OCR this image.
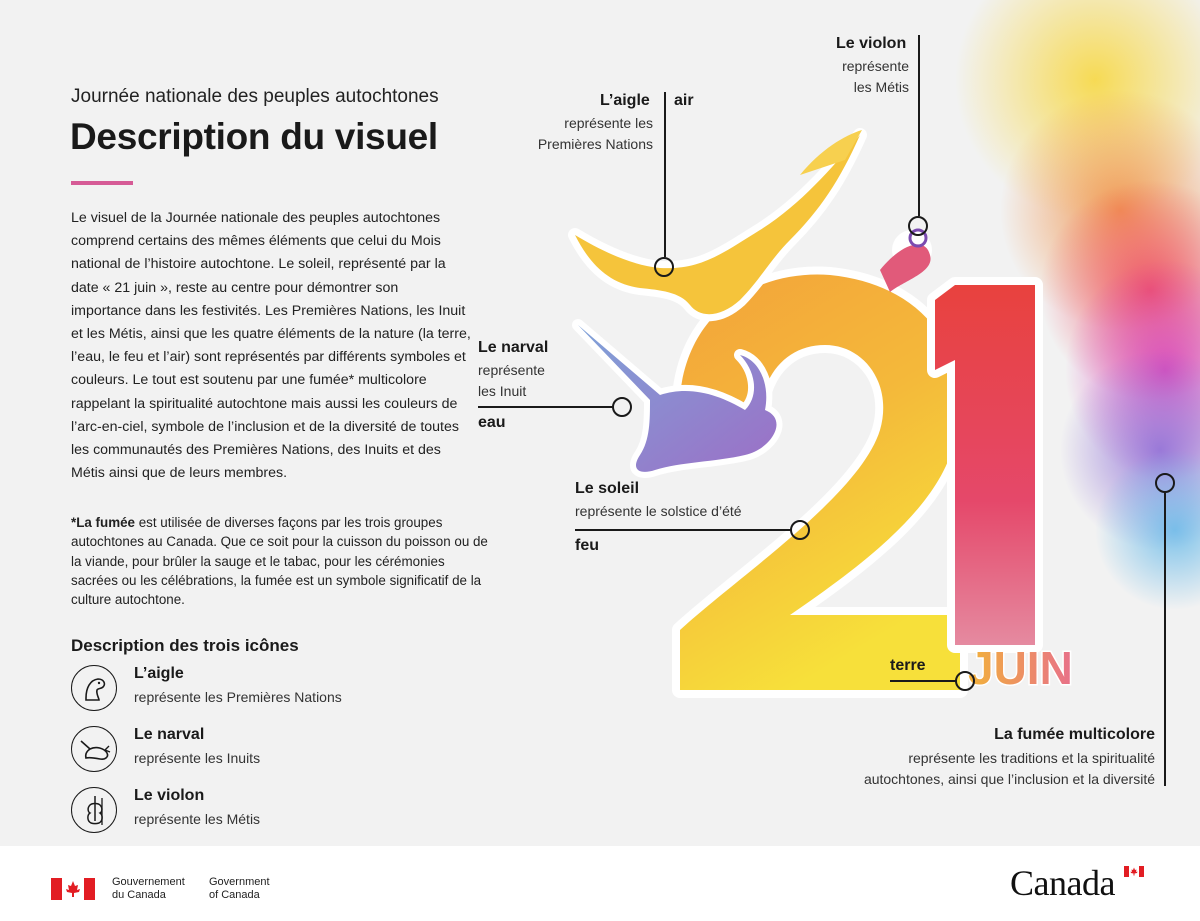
JUIN
Journée nationale des peuples autochtones
Description du visuel
Le visuel de la Journée nationale des peuples autochtones comprend certains des mêmes éléments que celui du Mois national de l’histoire autochtone. Le soleil, représenté par la date « 21 juin », reste au centre pour démontrer son importance dans les festivités. Les Premières Nations, les Inuit et les Métis, ainsi que les quatre éléments de la nature (la terre, l’eau, le feu et l’air) sont représentés par différents symboles et couleurs. Le tout est soutenu par une fumée* multicolore rappelant la spiritualité autochtone mais aussi les couleurs de l’arc-en-ciel, symbole de l’inclusion et de la diversité de toutes les communautés des Premières Nations, des Inuits et des Métis ainsi que de leurs membres.
*La fumée est utilisée de diverses façons par les trois groupes autochtones au Canada. Que ce soit pour la cuisson du poisson ou de la viande, pour brûler la sauge et le tabac, pour les cérémonies sacrées ou les célébrations, la fumée est un symbole significatif de la culture autochtone.
Description des trois icônes
L’aigle
représente les Premières Nations
Le narval
représente les Inuits
Le violon
représente les Métis
Le violon
représente
les Métis
L’aigle
représente les
Premières Nations
air
Le narval
représente
les Inuit
eau
Le soleil
représente le solstice d’été
feu
terre
La fumée multicolore
représente les traditions et la spiritualité
autochtones, ainsi que l’inclusion et la diversité
Gouvernement
du Canada
Government
of Canada	Canada
